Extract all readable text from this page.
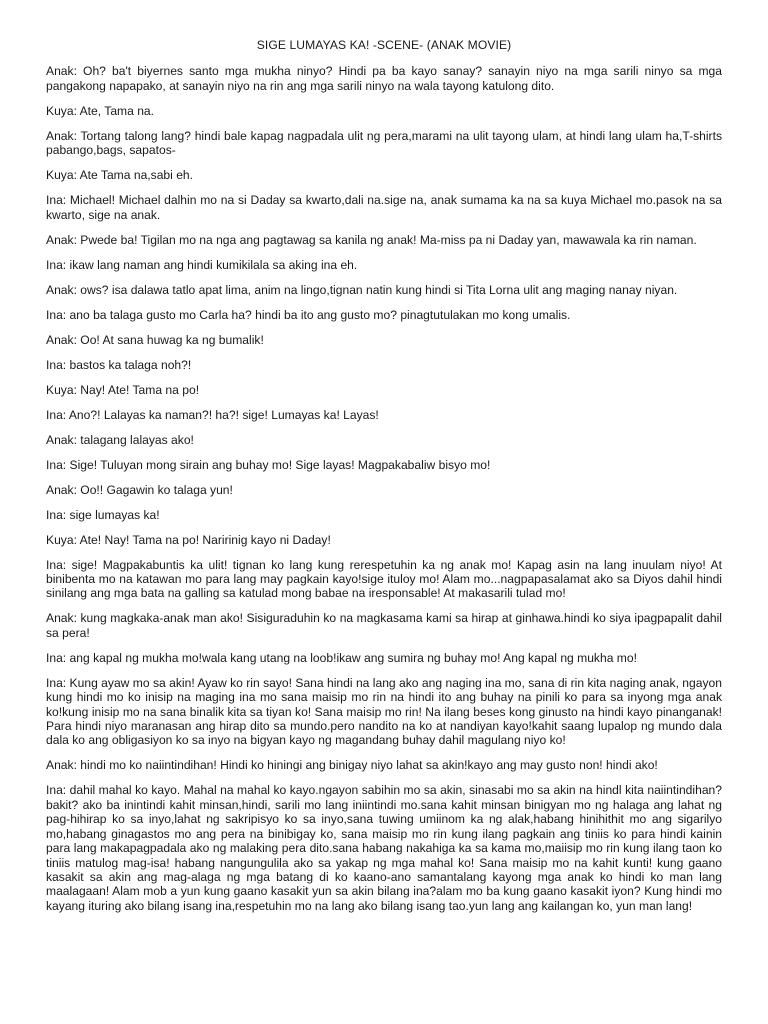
SIGE LUMAYAS KA! -SCENE- (ANAK MOVIE)

Anak: Oh? ba't biyernes santo mga mukha ninyo? Hindi pa ba kayo sanay? sanayin niyo na mga sarili ninyo sa mga pangakong napapako, at sanayin niyo na rin ang mga sarili ninyo na wala tayong katulong dito.

Kuya: Ate, Tama na.

Anak: Tortang talong lang? hindi bale kapag nagpadala ulit ng pera,marami na ulit tayong ulam, at hindi lang ulam ha,T-shirts pabango,bags, sapatos-

Kuya: Ate Tama na,sabi eh.

Ina: Michael! Michael dalhin mo na si Daday sa kwarto,dali na.sige na, anak sumama ka na sa kuya Michael mo.pasok na sa kwarto, sige na anak.

Anak: Pwede ba! Tigilan mo na nga ang pagtawag sa kanila ng anak! Ma-miss pa ni Daday yan, mawawala ka rin naman.

Ina: ikaw lang naman ang hindi kumikilala sa aking ina eh.

Anak: ows? isa dalawa tatlo apat lima, anim na lingo,tignan natin kung hindi si Tita Lorna ulit ang maging nanay niyan.

Ina: ano ba talaga gusto mo Carla ha? hindi ba ito ang gusto mo? pinagtutulakan mo kong umalis.

Anak: Oo! At sana huwag ka ng bumalik!

Ina: bastos ka talaga noh?!

Kuya: Nay! Ate! Tama na po!

Ina: Ano?! Lalayas ka naman?! ha?! sige! Lumayas ka! Layas!

Anak: talagang lalayas ako!

Ina: Sige! Tuluyan mong sirain ang buhay mo! Sige layas! Magpakabaliw bisyo mo!

Anak: Oo!! Gagawin ko talaga yun!

Ina: sige lumayas ka!

Kuya: Ate! Nay! Tama na po! Naririnig kayo ni Daday!

Ina: sige! Magpakabuntis ka ulit! tignan ko lang kung rerespetuhin ka ng anak mo! Kapag asin na lang inuulam niyo! At binibenta mo na katawan mo para lang may pagkain kayo!sige ituloy mo! Alam mo...nagpapasalamat ako sa Diyos dahil hindi sinilang ang mga bata na galling sa katulad mong babae na iresponsable! At makasarili tulad mo!

Anak: kung magkaka-anak man ako! Sisiguraduhin ko na magkasama kami sa hirap at ginhawa.hindi ko siya ipagpapalit dahil sa pera!

Ina: ang kapal ng mukha mo!wala kang utang na loob!ikaw ang sumira ng buhay mo! Ang kapal ng mukha mo!

Ina: Kung ayaw mo sa akin! Ayaw ko rin sayo! Sana hindi na lang ako ang naging ina mo, sana di rin kita naging anak, ngayon kung hindi mo ko inisip na maging ina mo sana maisip mo rin na hindi ito ang buhay na pinili ko para sa inyong mga anak ko!kung inisip mo na sana binalik kita sa tiyan ko! Sana maisip mo rin! Na ilang beses kong ginusto na hindi kayo pinanganak! Para hindi niyo maranasan ang hirap dito sa mundo.pero nandito na ko at nandiyan kayo!kahit saang lupalop ng mundo dala dala ko ang obligasiyon ko sa inyo na bigyan kayo ng magandang buhay dahil magulang niyo ko!

Anak: hindi mo ko naiintindihan! Hindi ko hiningi ang binigay niyo lahat sa akin!kayo ang may gusto non! hindi ako!

Ina: dahil mahal ko kayo. Mahal na mahal ko kayo.ngayon sabihin mo sa akin, sinasabi mo sa akin na hindl kita naiintindihan?bakit? ako ba inintindi kahit minsan,hindi, sarili mo lang iniintindi mo.sana kahit minsan binigyan mo ng halaga ang lahat ng pag-hihirap ko sa inyo,lahat ng sakripisyo ko sa inyo,sana tuwing umiinom ka ng alak,habang hinihithit mo ang sigarilyo mo,habang ginagastos mo ang pera na binibigay ko, sana maisip mo rin kung ilang pagkain ang tiniis ko para hindi kainin para lang makapagpadala ako ng malaking pera dito.sana habang nakahiga ka sa kama mo,maiisip mo rin kung ilang taon ko tiniis matulog mag-isa! habang nangungulila ako sa yakap ng mga mahal ko! Sana maisip mo na kahit kunti! kung gaano kasakit sa akin ang mag-alaga ng mga batang di ko kaano-ano samantalang kayong mga anak ko hindi ko man lang maalagaan! Alam mob a yun kung gaano kasakit yun sa akin bilang ina?alam mo ba kung gaano kasakit iyon? Kung hindi mo kayang ituring ako bilang isang ina,respetuhin mo na lang ako bilang isang tao.yun lang ang kailangan ko, yun man lang!
